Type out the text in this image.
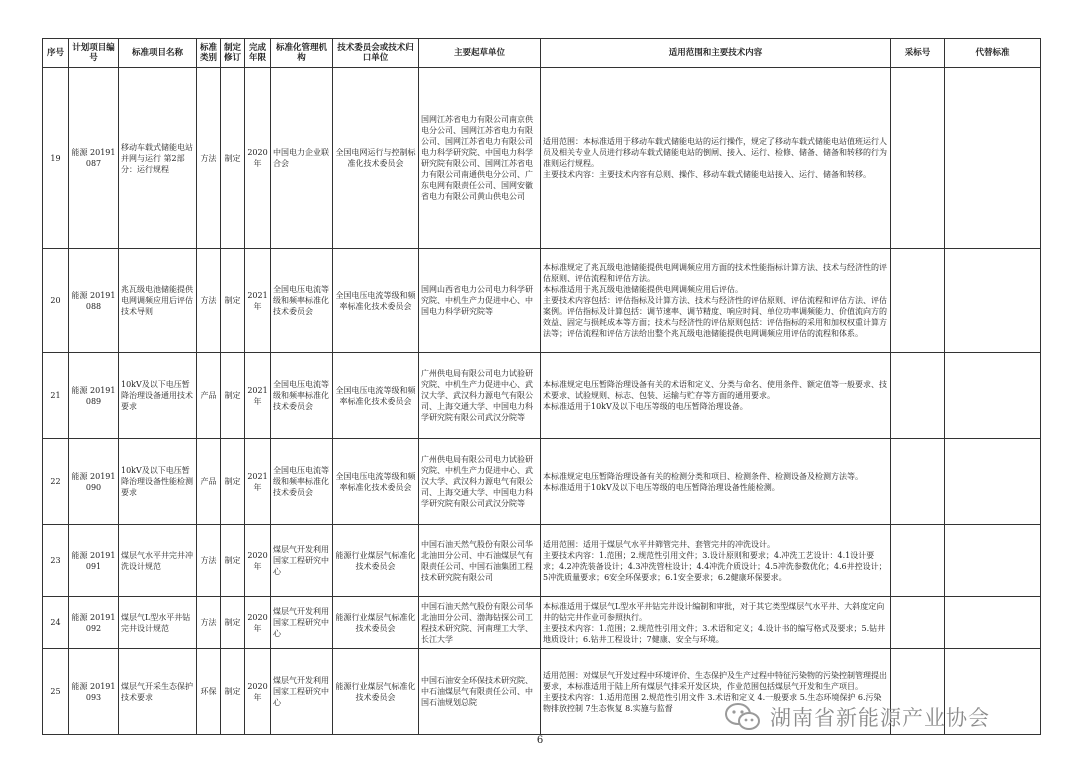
序号	计划项目编号	标准项目名称	标准类别	制定修订	完成年限	标准化管理机构	技术委员会或技术归口单位	主要起草单位	适用范围和主要技术内容	采标号	代替标准
19	能源 20191087	移动车载式储能电站并网与运行 第2部分：运行规程	方法	制定	2020年	中国电力企业联合会	全国电网运行与控制标准化技术委员会	国网江苏省电力有限公司南京供电分公司、国网江苏省电力有限公司、国网江苏省电力有限公司电力科学研究院、中国电力科学研究院有限公司、国网江苏省电力有限公司南通供电分公司、广东电网有限责任公司、国网安徽省电力有限公司黄山供电公司	适用范围：本标准适用于移动车载式储能电站的运行操作，规定了移动车载式储能电站值班运行人员及相关专业人员进行移动车载式储能电站的倒闸、接入、运行、检修、储备、储备和转移的行为准则运行规程。
主要技术内容：主要技术内容有总则、操作、移动车载式储能电站接入、运行、储备和转移。		
20	能源 20191088	兆瓦级电池储能提供电网调频应用后评估技术导则	方法	制定	2021年	全国电压电流等级和频率标准化技术委员会	全国电压电流等级和频率标准化技术委员会	国网山西省电力公司电力科学研究院、中机生产力促进中心、中国电力科学研究院等	本标准规定了兆瓦级电池储能提供电网调频应用方面的技术性能指标计算方法、技术与经济性的评估原则、评估流程和评估方法。
本标准适用于兆瓦级电池储能提供电网调频应用后评估。
主要技术内容包括：评估指标及计算方法、技术与经济性的评估原则、评估流程和评估方法、评估案例。评估指标及计算包括：调节速率、调节精度、响应时间、单位功率调频能力、价值流向方的效益、固定与损耗成本等方面；技术与经济性的评估原则包括：评估指标的采用和加权权重计算方法等；评估流程和评估方法给出整个兆瓦级电池储能提供电网调频应用评估的流程和体系。		
21	能源 20191089	10kV及以下电压暂降治理设备通用技术要求	产品	制定	2021年	全国电压电流等级和频率标准化技术委员会	全国电压电流等级和频率标准化技术委员会	广州供电局有限公司电力试验研究院、中机生产力促进中心、武汉大学、武汉科力源电气有限公司、上海交通大学、中国电力科学研究院有限公司武汉分院等	本标准规定电压暂降治理设备有关的术语和定义、分类与命名、使用条件、额定值等一般要求、技术要求、试验规则、标志、包装、运输与贮存等方面的通用要求。
本标准适用于10kV及以下电压等级的电压暂降治理设备。		
22	能源 20191090	10kV及以下电压暂降治理设备性能检测要求	产品	制定	2021年	全国电压电流等级和频率标准化技术委员会	全国电压电流等级和频率标准化技术委员会	广州供电局有限公司电力试验研究院、中机生产力促进中心、武汉大学、武汉科力源电气有限公司、上海交通大学、中国电力科学研究院有限公司武汉分院等	本标准规定电压暂降治理设备有关的检测分类和项目、检测条件、检测设备及检测方法等。
本标准适用于10kV及以下电压等级的电压暂降治理设备性能检测。		
23	能源 20191091	煤层气水平井完井冲洗设计规范	方法	制定	2020年	煤层气开发利用国家工程研究中心	能源行业煤层气标准化技术委员会	中国石油天然气股份有限公司华北油田分公司、中石油煤层气有限责任公司、中国石油集团工程技术研究院有限公司	适用范围：适用于煤层气水平井筛管完井、套管完井的冲洗设计。
主要技术内容：1.范围；2.规范性引用文件；3.设计原则和要求；4.冲洗工艺设计：4.1设计要求；4.2冲洗装备设计；4.3冲洗管柱设计；4.4冲洗介质设计；4.5冲洗参数优化；4.6井控设计；5冲洗质量要求；6安全环保要求；6.1安全要求；6.2健康环保要求。		
24	能源 20191092	煤层气L型水平井钻完井设计规范	方法	制定	2020年	煤层气开发利用国家工程研究中心	能源行业煤层气标准化技术委员会	中国石油天然气股份有限公司华北油田分公司、渤海钻探公司工程技术研究院、河南理工大学、长江大学	本标准适用于煤层气L型水平井钻完井设计编制和审批，对于其它类型煤层气水平井、大斜度定向井的钻完井作业可参照执行。
主要技术内容：1.范围；2.规范性引用文件；3.术语和定义；4.设计书的编写格式及要求；5.钻井地质设计；6.钻井工程设计；7健康、安全与环境。		
25	能源 20191093	煤层气开采生态保护技术要求	环保	制定	2020年	煤层气开发利用国家工程研究中心	能源行业煤层气标准化技术委员会	中国石油安全环保技术研究院、中石油煤层气有限责任公司、中国石油规划总院	适用范围：对煤层气开发过程中环境评价、生态保护及生产过程中特征污染物的污染控制管理提出要求，本标准适用于陆上所有煤层气排采开发区块，作业范围包括煤层气开发和生产项目。
主要技术内容：1.适用范围 2.规范性引用文件 3.术语和定义 4.一般要求 5.生态环境保护 6.污染物排放控制 7生态恢复 8.实施与监督		
6
湖南省新能源产业协会
